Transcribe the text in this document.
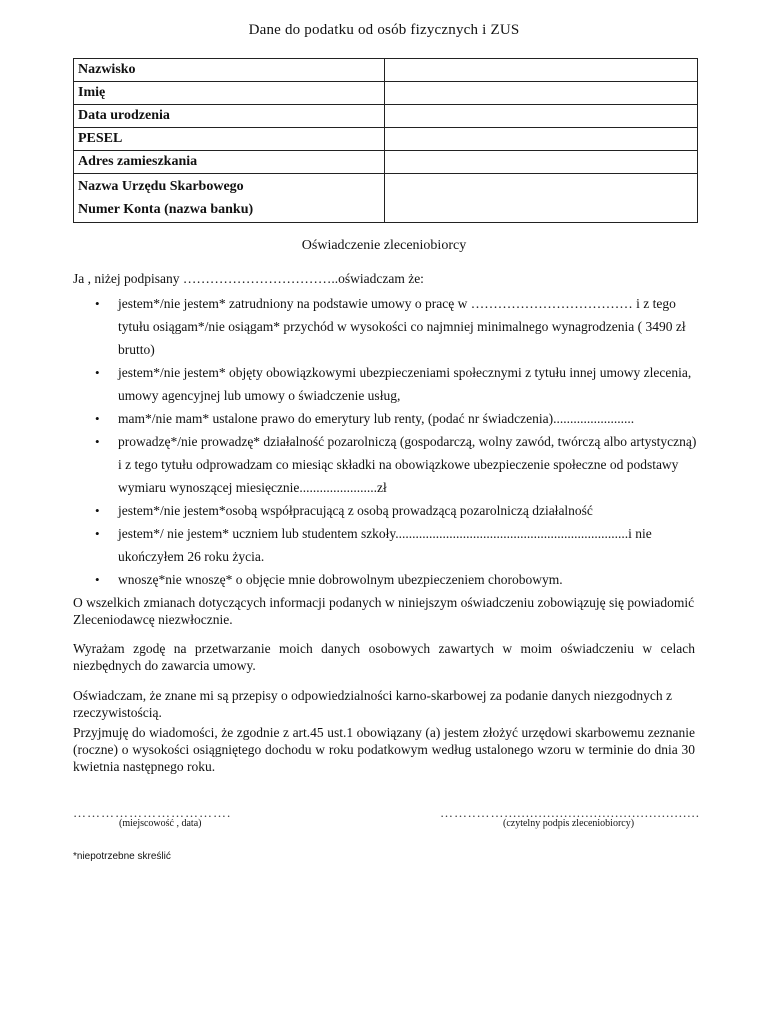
Dane do podatku od osób fizycznych i ZUS
Nazwisko	
Imię	
Data urodzenia	
PESEL	
Adres zamieszkania	

Nazwa Urzędu Skarbowego
Numer Konta (nazwa banku)	

Oświadczenie zleceniobiorcy
Ja , niżej podpisany ……………………………..oświadczam że:
• jestem*/nie jestem* zatrudniony na podstawie umowy o pracę w ……………………………… i z tego tytułu osiągam*/nie osiągam* przychód w wysokości co najmniej minimalnego wynagrodzenia ( 3490 zł brutto)
• jestem*/nie jestem* objęty obowiązkowymi ubezpieczeniami społecznymi z tytułu innej umowy zlecenia, umowy agencyjnej lub umowy o świadczenie usług,
• mam*/nie mam* ustalone prawo do emerytury lub renty, (podać nr świadczenia)........................
• prowadzę*/nie prowadzę* działalność pozarolniczą (gospodarczą, wolny zawód, twórczą albo artystyczną) i z tego tytułu odprowadzam co miesiąc składki na obowiązkowe ubezpieczenie społeczne od podstawy wymiaru wynoszącej miesięcznie.......................zł
• jestem*/nie jestem*osobą współpracującą z osobą prowadzącą pozarolniczą działalność
• jestem*/ nie jestem* uczniem lub studentem szkoły.....................................................................i nie ukończyłem 26 roku życia.
• wnoszę*nie wnoszę* o objęcie mnie dobrowolnym ubezpieczeniem chorobowym.
O wszelkich zmianach dotyczących informacji podanych w niniejszym oświadczeniu zobowiązuję się powiadomić Zleceniodawcę niezwłocznie.
Wyrażam zgodę na przetwarzanie moich danych osobowych zawartych w moim oświadczeniu w celach niezbędnych do zawarcia umowy.
Oświadczam, że znane mi są przepisy o odpowiedzialności karno-skarbowej za podanie danych niezgodnych z rzeczywistością.
Przyjmuję do wiadomości, że zgodnie z art.45 ust.1 obowiązany (a) jestem złożyć urzędowi skarbowemu zeznanie (roczne) o wysokości osiągniętego dochodu w roku podatkowym według ustalonego wzoru w terminie do dnia 30 kwietnia następnego roku.
…………………………….
(miejscowość , data)
……..……..............................................
(czytelny podpis zleceniobiorcy)
*niepotrzebne skreślić
